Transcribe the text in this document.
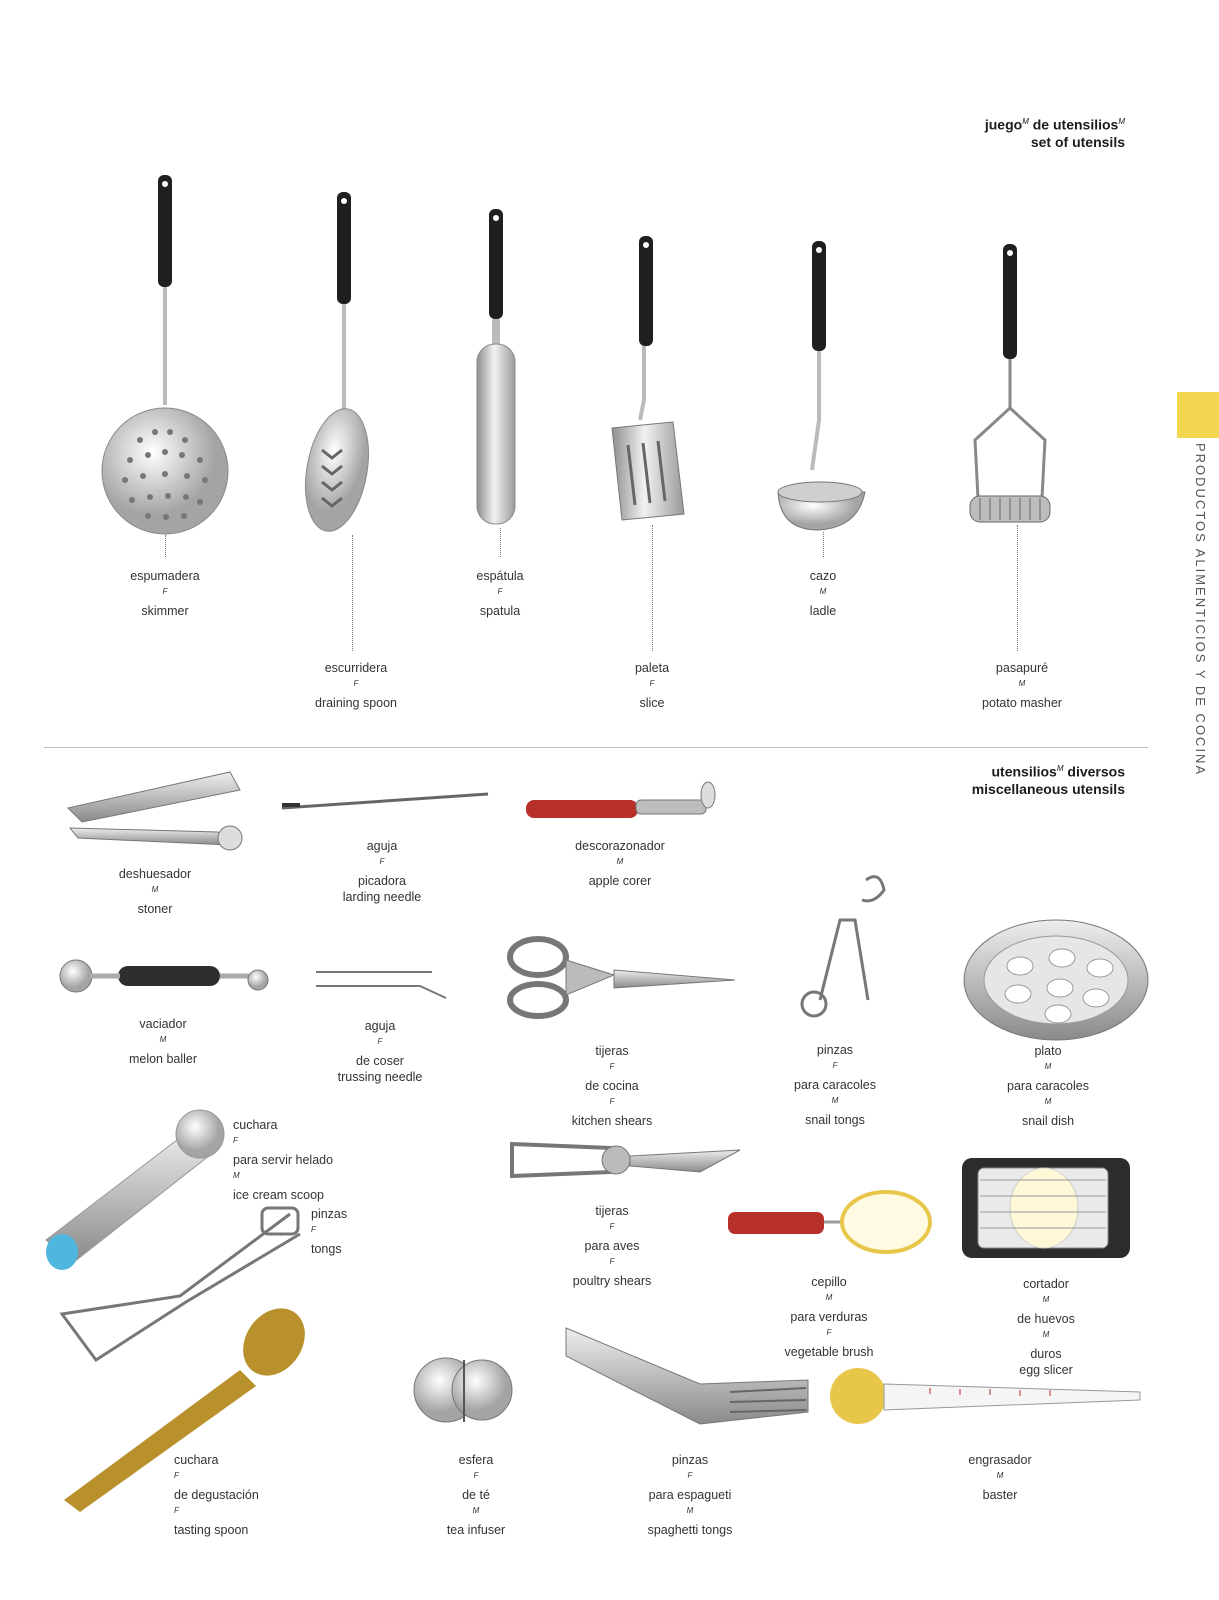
juego$^M$ de utensilios$^M$
set of utensils
utensilios$^M$ diversos
miscellaneous utensils
PRODUCTOS ALIMENTICIOS Y DE COCINA
espumadera
$^F$
skimmer
escurridera
$^F$
draining spoon
espátula
$^F$
spatula
paleta
$^F$
slice
cazo
$^M$
ladle
pasapuré
$^M$
potato masher
deshuesador
$^M$
stoner
aguja
$^F$
picadora
larding needle
descorazonador
$^M$
apple corer
vaciador
$^M$
melon baller
aguja
$^F$
de coser
trussing needle
tijeras
$^F$
de cocina
$^F$
kitchen shears
pinzas
$^F$
para caracoles
$^M$
snail tongs
plato
$^M$
para caracoles
$^M$
snail dish
cuchara
$^F$
para servir helado
$^M$
ice cream scoop
pinzas
$^F$
tongs
tijeras
$^F$
para aves
$^F$
poultry shears	cepillo
$^M$
para verduras
$^F$
vegetable brush
cortador
$^M$
de huevos
$^M$
duros
egg slicer
cuchara
$^F$
de degustación
$^F$
tasting spoon
esfera
$^F$
de té
$^M$
tea infuser
pinzas
$^F$
para espagueti
$^M$
spaghetti tongs
engrasador
$^M$
baster
